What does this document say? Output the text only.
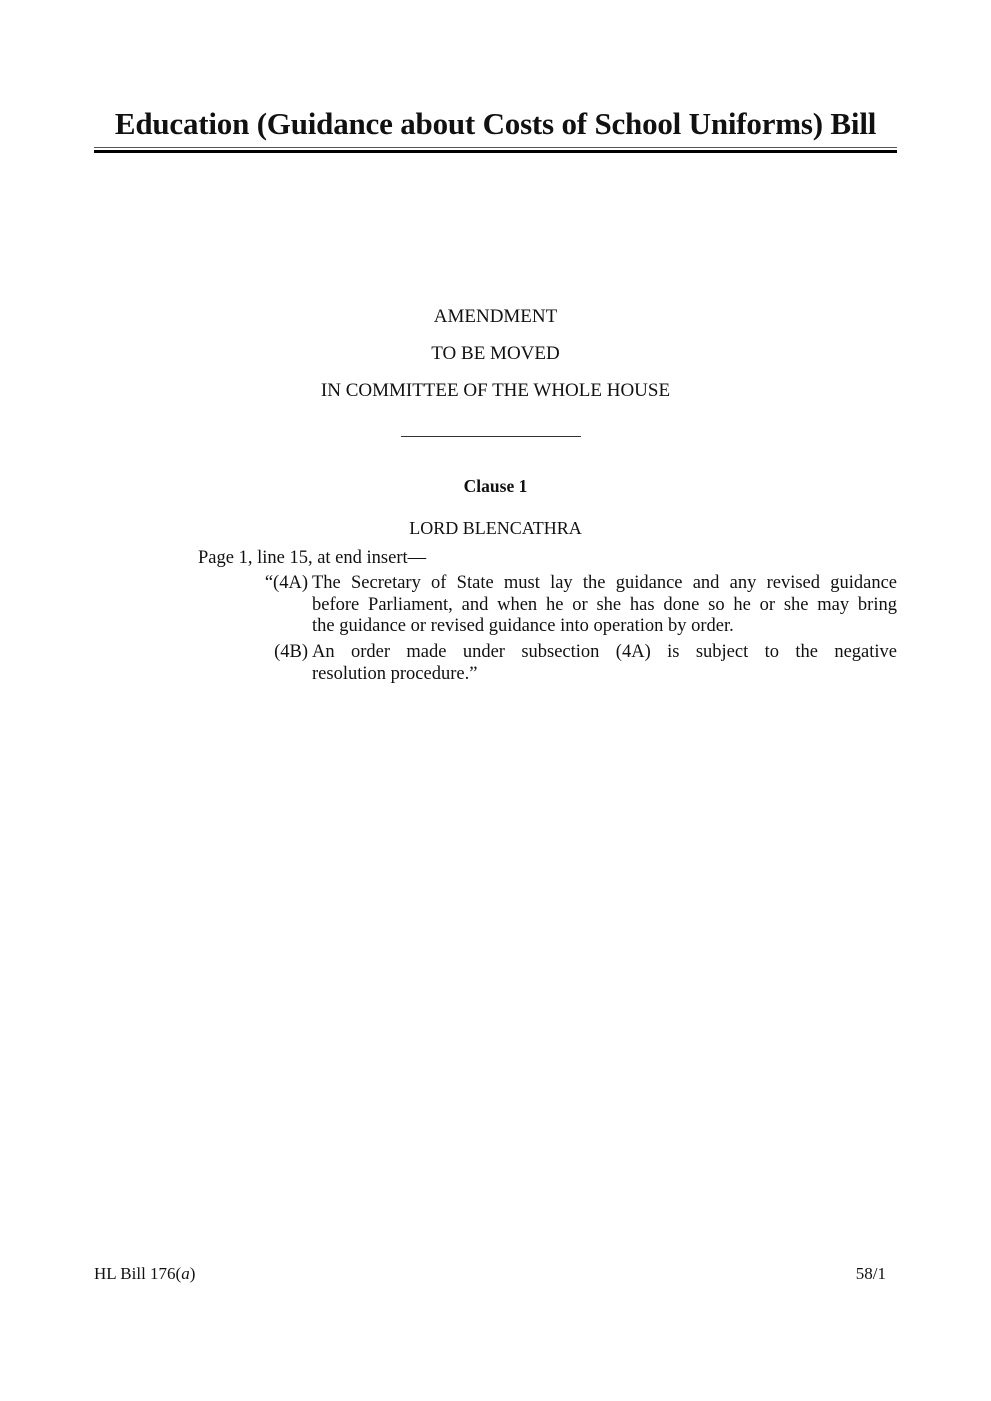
Education (Guidance about Costs of School Uniforms) Bill
AMENDMENT
TO BE MOVED
IN COMMITTEE OF THE WHOLE HOUSE
Clause 1
LORD BLENCATHRA
Page 1, line 15, at end insert—
“(4A) The Secretary of State must lay the guidance and any revised guidance
before Parliament, and when he or she has done so he or she may bring
the guidance or revised guidance into operation by order.
(4B) An order made under subsection (4A) is subject to the negative
resolution procedure.”
HL Bill 176(a)	58/1
